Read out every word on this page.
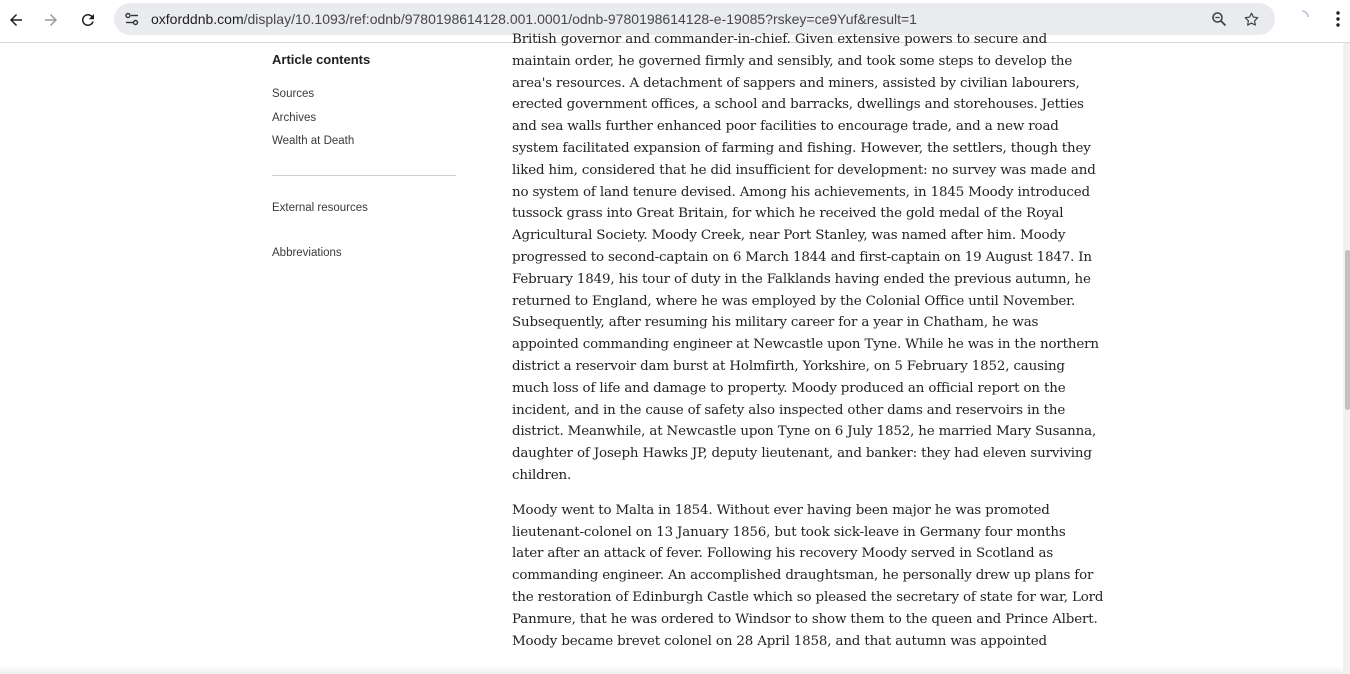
oxforddnb.com/display/10.1093/ref:odnb/9780198614128.001.0001/odnb-9780198614128-e-19085?rskey=ce9Yuf&result=1
Article contents
Sources
Archives
Wealth at Death
External resources
Abbreviations

British governor and commander-in-chief. Given extensive powers to secure and
maintain order, he governed firmly and sensibly, and took some steps to develop the
area's resources. A detachment of sappers and miners, assisted by civilian labourers,
erected government offices, a school and barracks, dwellings and storehouses. Jetties
and sea walls further enhanced poor facilities to encourage trade, and a new road
system facilitated expansion of farming and fishing. However, the settlers, though they
liked him, considered that he did insufficient for development: no survey was made and
no system of land tenure devised. Among his achievements, in 1845 Moody introduced
tussock grass into Great Britain, for which he received the gold medal of the Royal
Agricultural Society. Moody Creek, near Port Stanley, was named after him. Moody
progressed to second-captain on 6 March 1844 and first-captain on 19 August 1847. In
February 1849, his tour of duty in the Falklands having ended the previous autumn, he
returned to England, where he was employed by the Colonial Office until November.
Subsequently, after resuming his military career for a year in Chatham, he was
appointed commanding engineer at Newcastle upon Tyne. While he was in the northern
district a reservoir dam burst at Holmfirth, Yorkshire, on 5 February 1852, causing
much loss of life and damage to property. Moody produced an official report on the
incident, and in the cause of safety also inspected other dams and reservoirs in the
district. Meanwhile, at Newcastle upon Tyne on 6 July 1852, he married Mary Susanna,
daughter of Joseph Hawks JP, deputy lieutenant, and banker: they had eleven surviving
children.

Moody went to Malta in 1854. Without ever having been major he was promoted
lieutenant-colonel on 13 January 1856, but took sick-leave in Germany four months
later after an attack of fever. Following his recovery Moody served in Scotland as
commanding engineer. An accomplished draughtsman, he personally drew up plans for
the restoration of Edinburgh Castle which so pleased the secretary of state for war, Lord
Panmure, that he was ordered to Windsor to show them to the queen and Prince Albert.
Moody became brevet colonel on 28 April 1858, and that autumn was appointed
